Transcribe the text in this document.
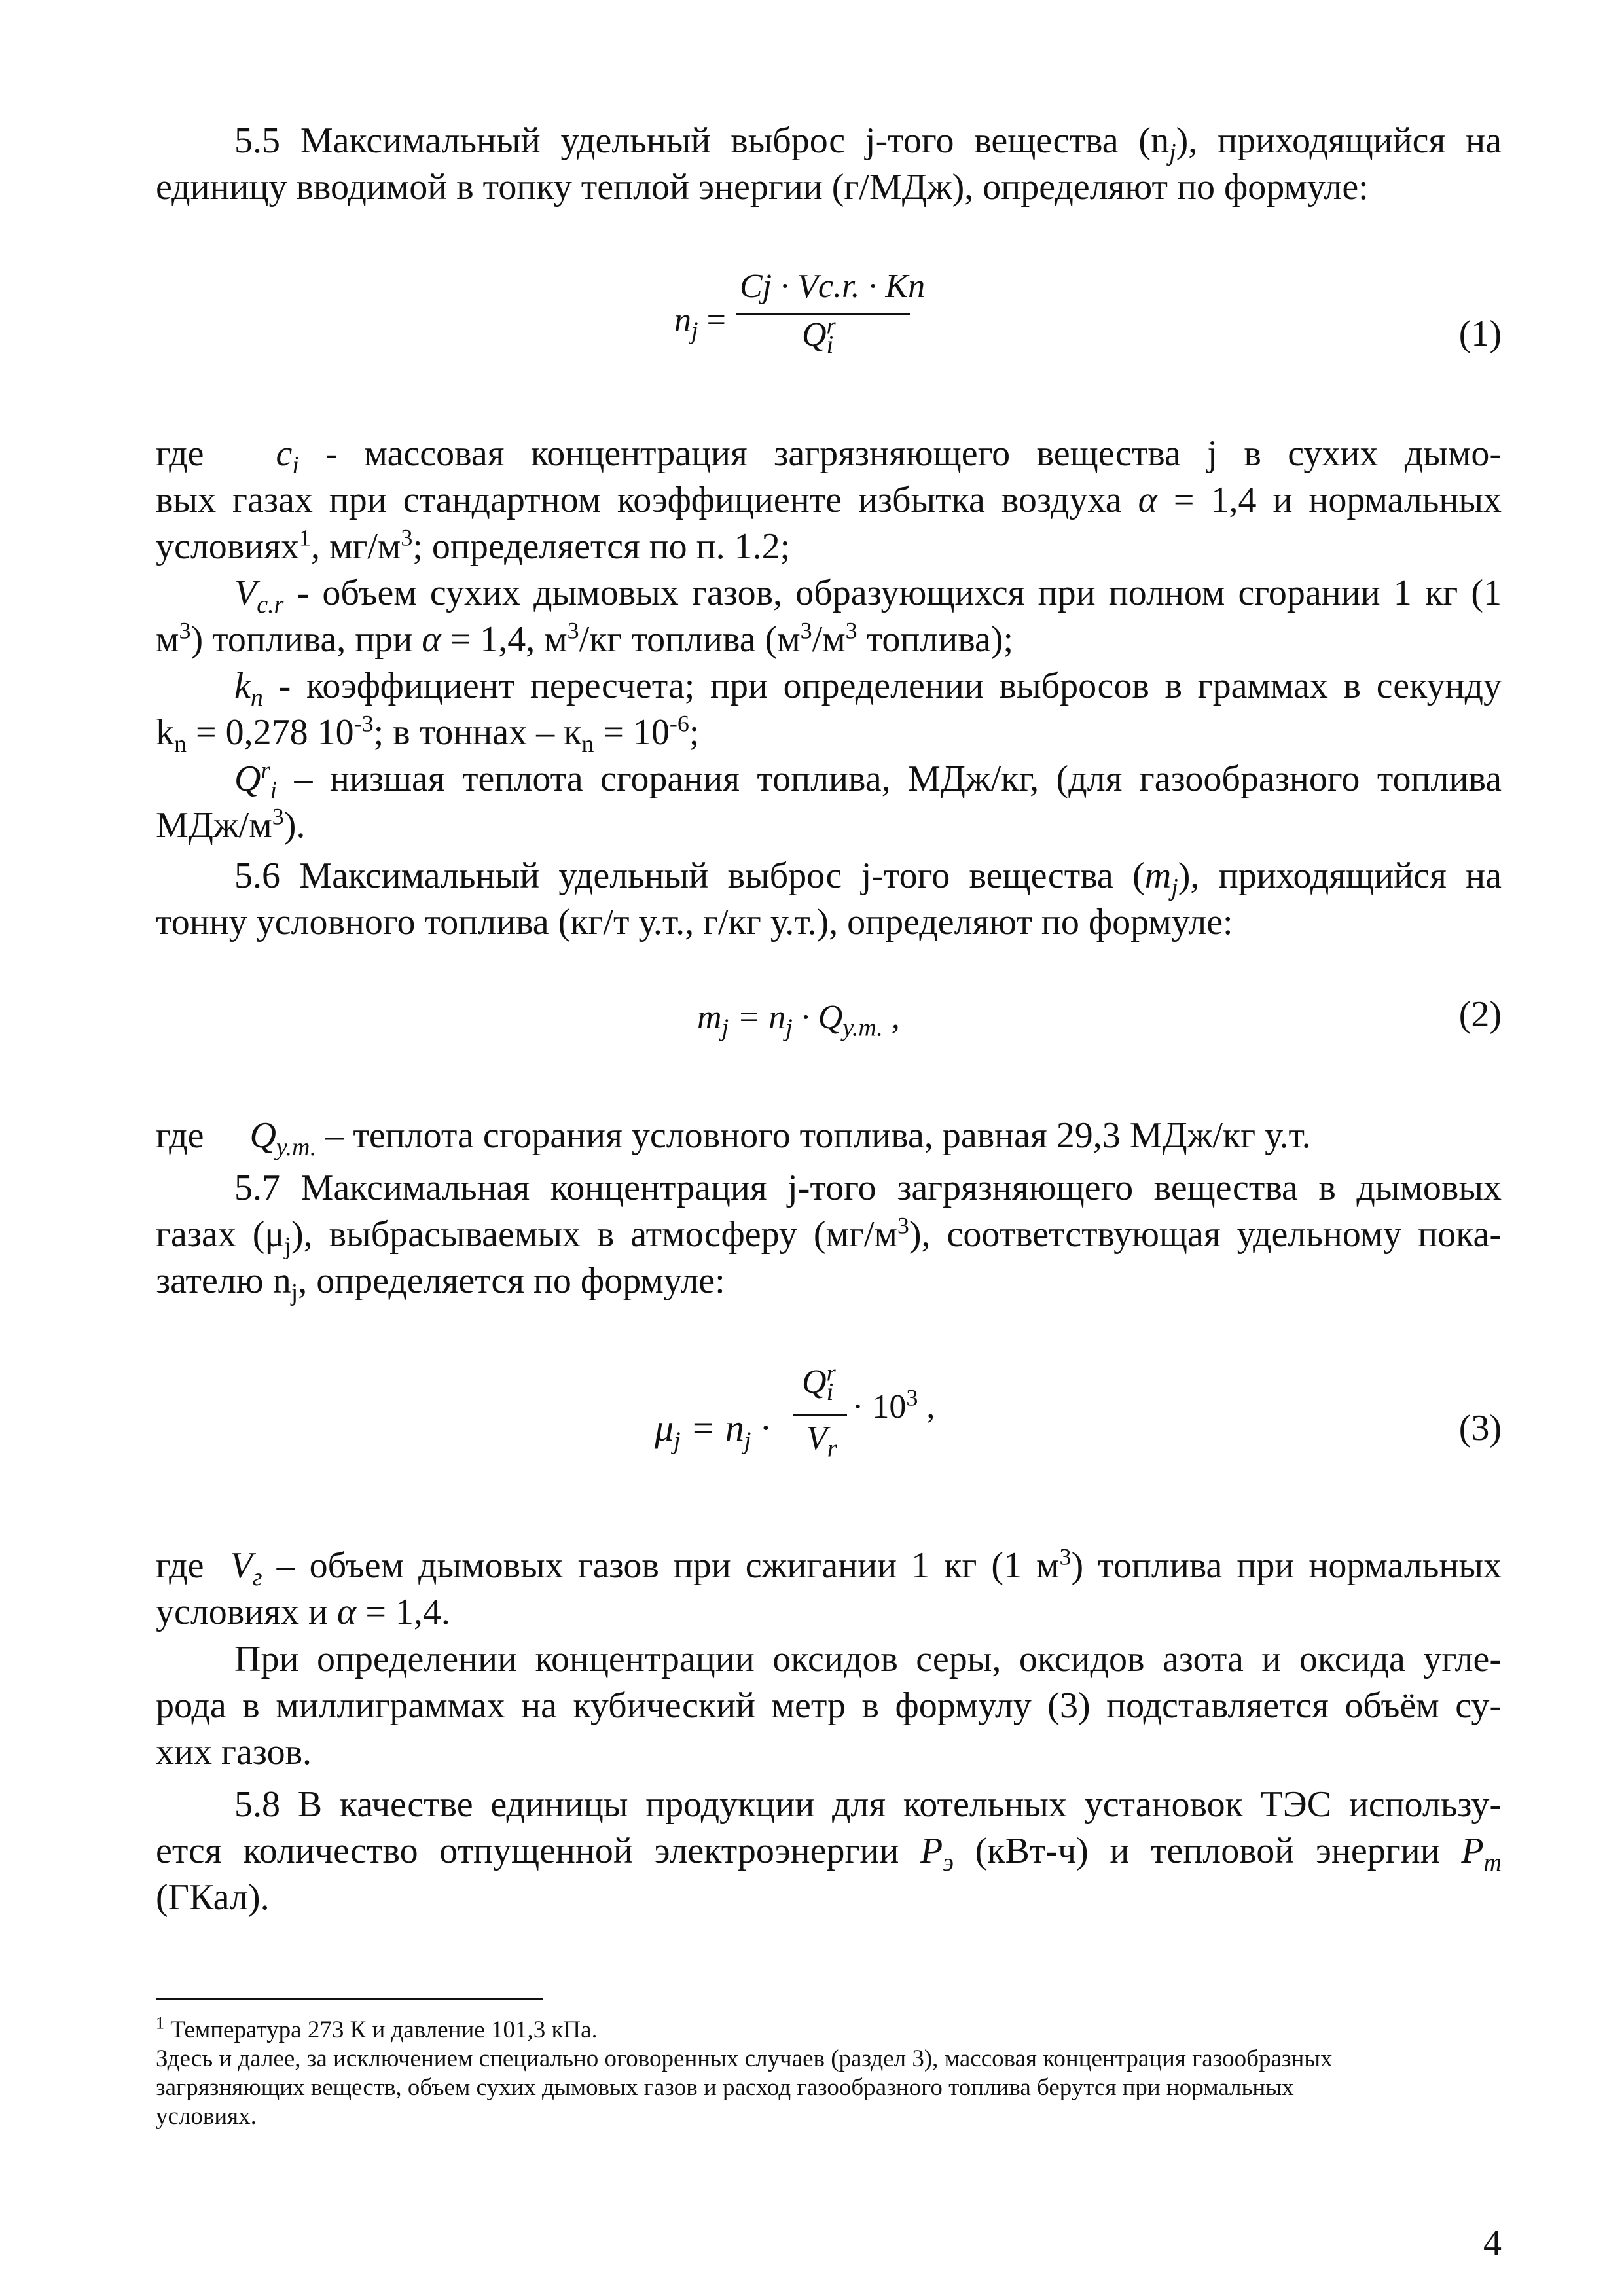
5.5 Максимальный удельный выброс j-того вещества $(n_j)$, приходящийся на
единицу вводимой в топку теплой энергии (г/МДж), определяют по формуле:
$n_j$ =
Cj · Vc.r. · Kn
$Q^r_i$	(1)
где $c_i$ - массовая концентрация загрязняющего вещества j в сухих дымо-
вых газах при стандартном коэффициенте избытка воздуха α = 1,4 и нормальных
условиях$^1$, $мг/м^3$; определяется по п. 1.2;
$V_{c.r}$ - объем сухих дымовых газов, образующихся при полном сгорании 1 кг (1
$м^3$) топлива, при α = 1,4, $м^3/кг$ топлива ($м^3/м^3$ топлива);
$k_n$ - коэффициент пересчета; при определении выбросов в граммах в секунду
$k_n = 0,278$ $10^{-3}$; в тоннах – $к_n = 10^{-6}$;
$Q^r_i$ – низшая теплота сгорания топлива, МДж/кг, (для газообразного топлива
МДж/$м^3$).
5.6 Максимальный удельный выброс j-того вещества $(m_j)$, приходящийся на
тонну условного топлива (кг/т у.т., г/кг у.т.), определяют по формуле:
$m_j = n_j \cdot Q_{у.т.}$ ,	(2)
где $Q_{у.т.}$ – теплота сгорания условного топлива, равная 29,3 МДж/кг у.т.
5.7 Максимальная концентрация j-того загрязняющего вещества в дымовых
газах $(\mu_j)$, выбрасываемых в атмосферу $(мг/м^3)$, соответствующая удельному пока-
зателю $n_j$, определяется по формуле:
$\mu_j = n_j$ ·
$Q^r_i$
$V_r$
· $10^3$ ,
(3)
где $V_г$ – объем дымовых газов при сжигании 1 кг (1 $м^3$) топлива при нормальных
условиях и α = 1,4.
При определении концентрации оксидов серы, оксидов азота и оксида угле-
рода в миллиграммах на кубический метр в формулу (3) подставляется объём су-
хих газов.
5.8 В качестве единицы продукции для котельных установок ТЭС использу-
ется количество отпущенной электроэнергии $P_э$ (кВт-ч) и тепловой энергии $P_т$
(ГКал).
$^1$ Температура 273 К и давление 101,3 кПа.
Здесь и далее, за исключением специально оговоренных случаев (раздел 3), массовая концентрация газообразных
загрязняющих веществ, объем сухих дымовых газов и расход газообразного топлива берутся при нормальных
условиях.
4
